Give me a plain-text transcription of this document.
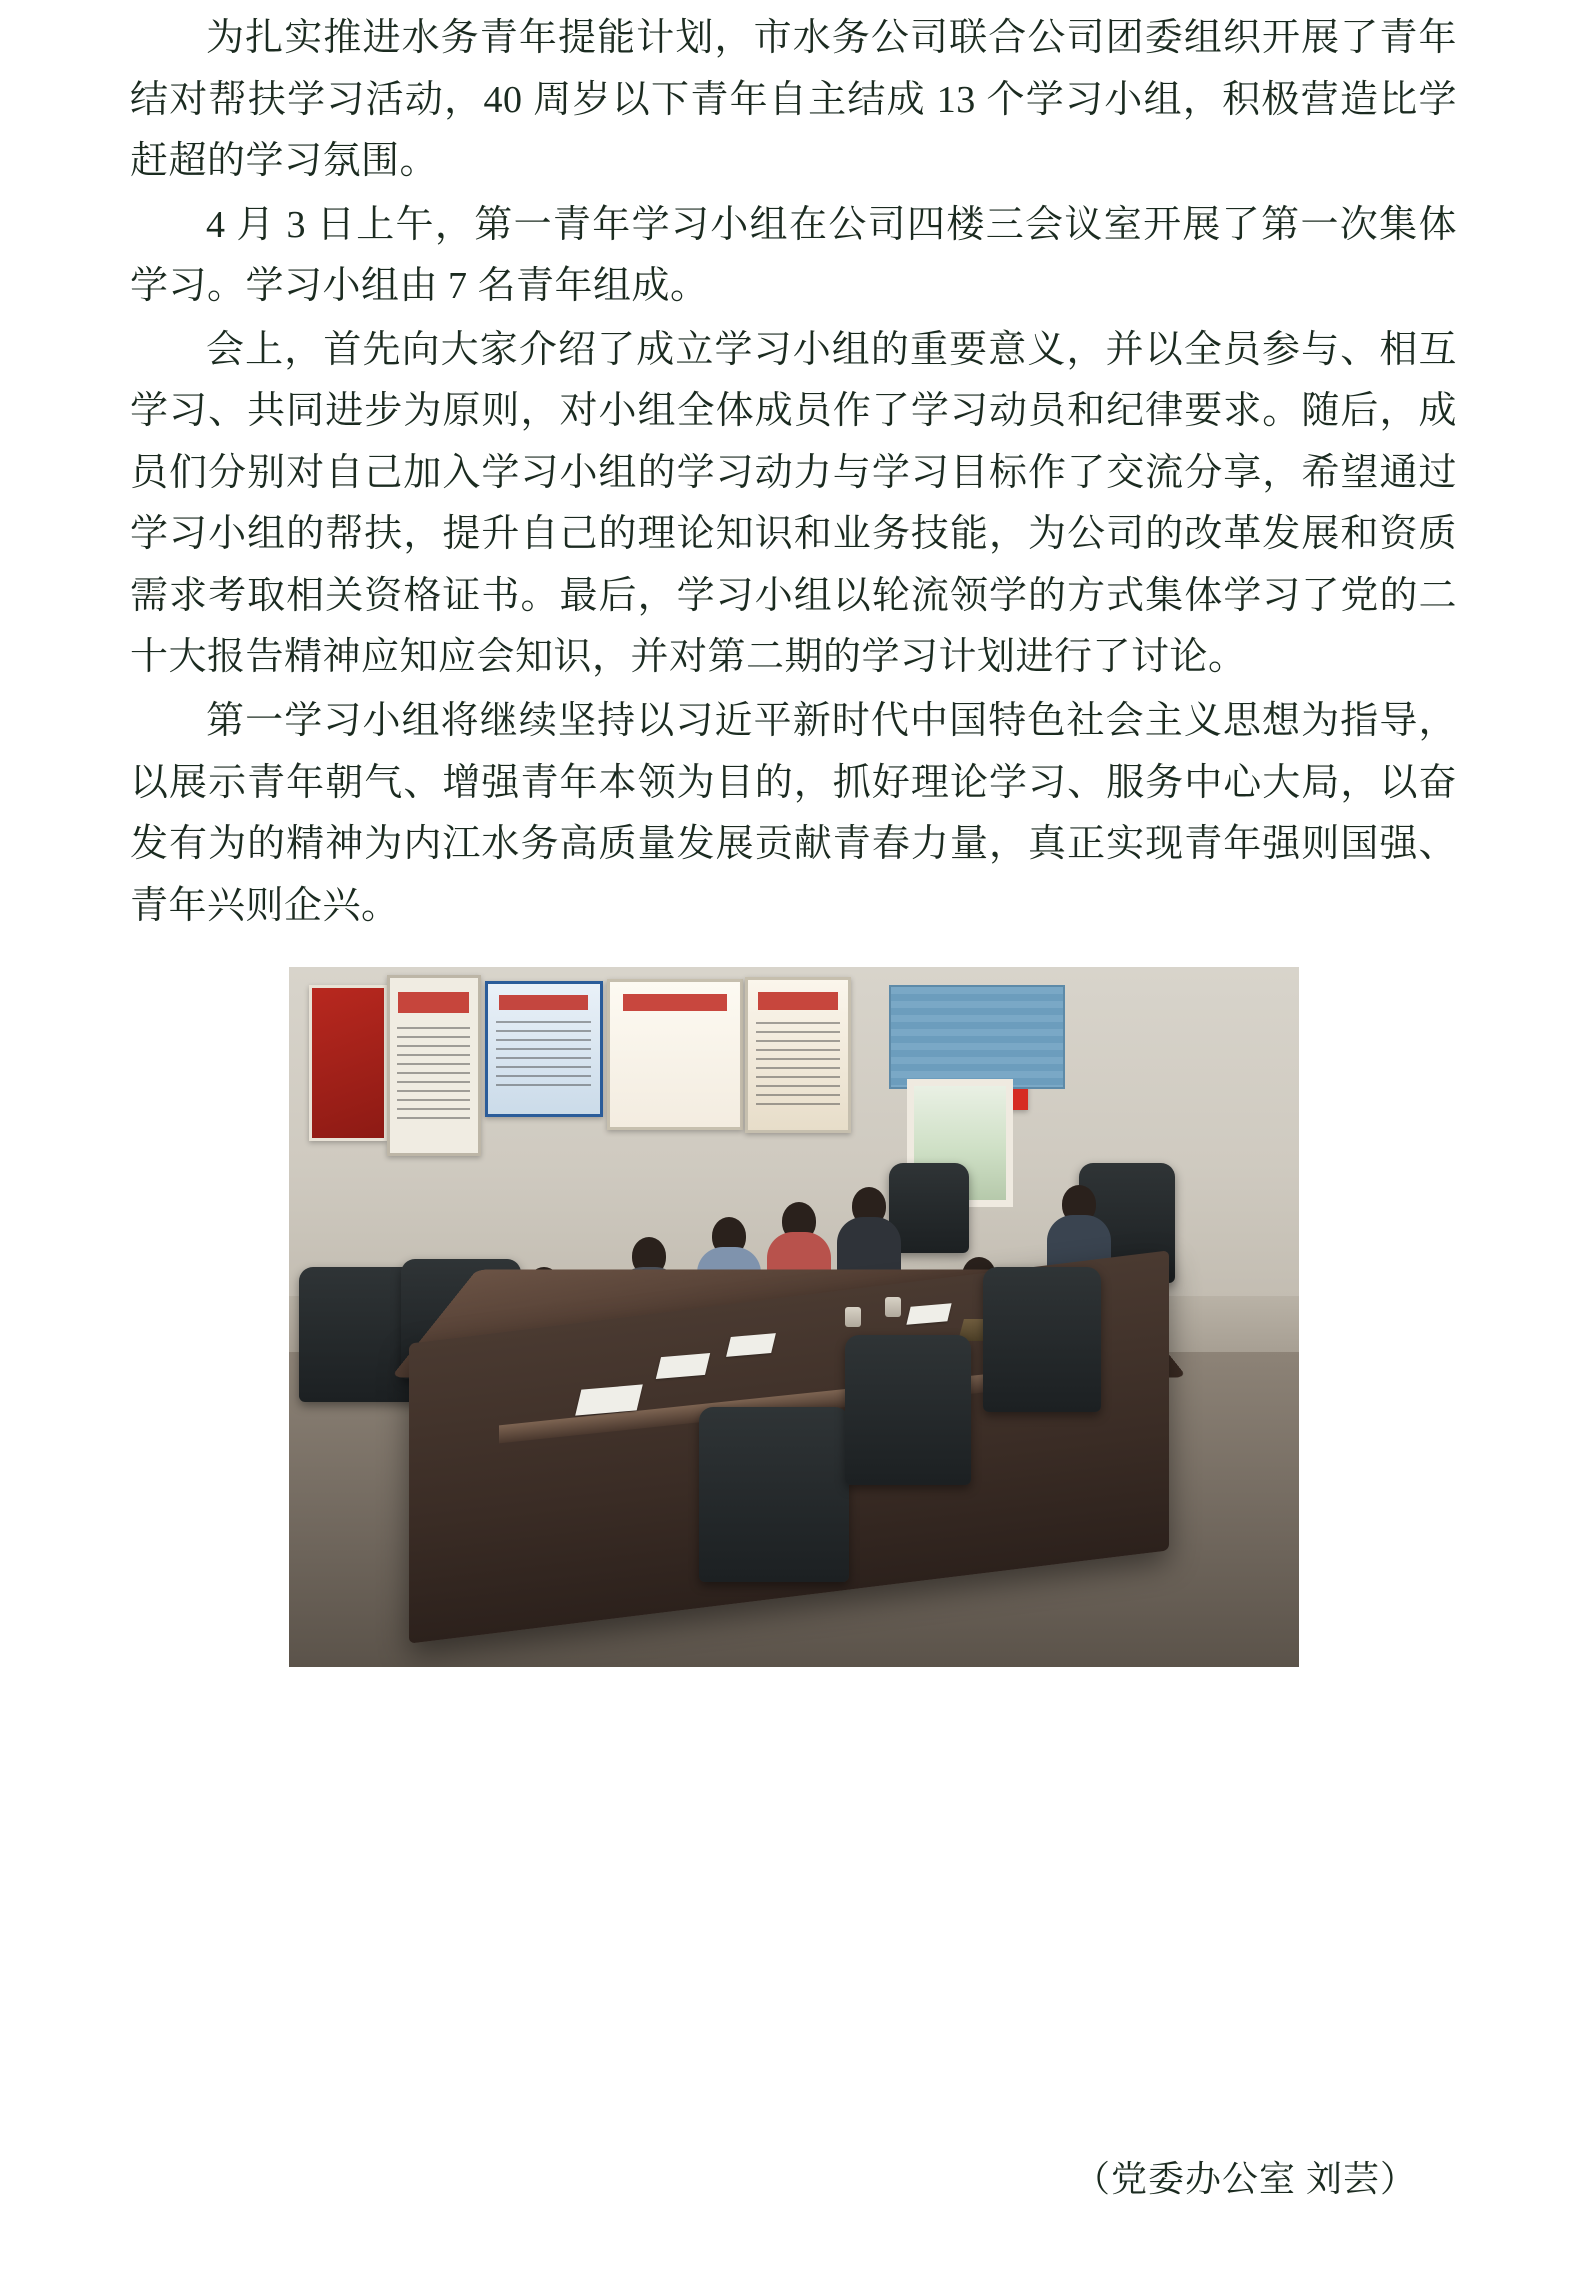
为扎实推进水务青年提能计划，市水务公司联合公司团委组织开展了青年结对帮扶学习活动，40 周岁以下青年自主结成 13 个学习小组，积极营造比学赶超的学习氛围。

4 月 3 日上午，第一青年学习小组在公司四楼三会议室开展了第一次集体学习。学习小组由 7 名青年组成。

会上，首先向大家介绍了成立学习小组的重要意义，并以全员参与、相互学习、共同进步为原则，对小组全体成员作了学习动员和纪律要求。随后，成员们分别对自己加入学习小组的学习动力与学习目标作了交流分享，希望通过学习小组的帮扶，提升自己的理论知识和业务技能，为公司的改革发展和资质需求考取相关资格证书。最后，学习小组以轮流领学的方式集体学习了党的二十大报告精神应知应会知识，并对第二期的学习计划进行了讨论。

第一学习小组将继续坚持以习近平新时代中国特色社会主义思想为指导，以展示青年朝气、增强青年本领为目的，抓好理论学习、服务中心大局，以奋发有为的精神为内江水务高质量发展贡献青春力量，真正实现青年强则国强、青年兴则企兴。

（党委办公室 刘芸）
